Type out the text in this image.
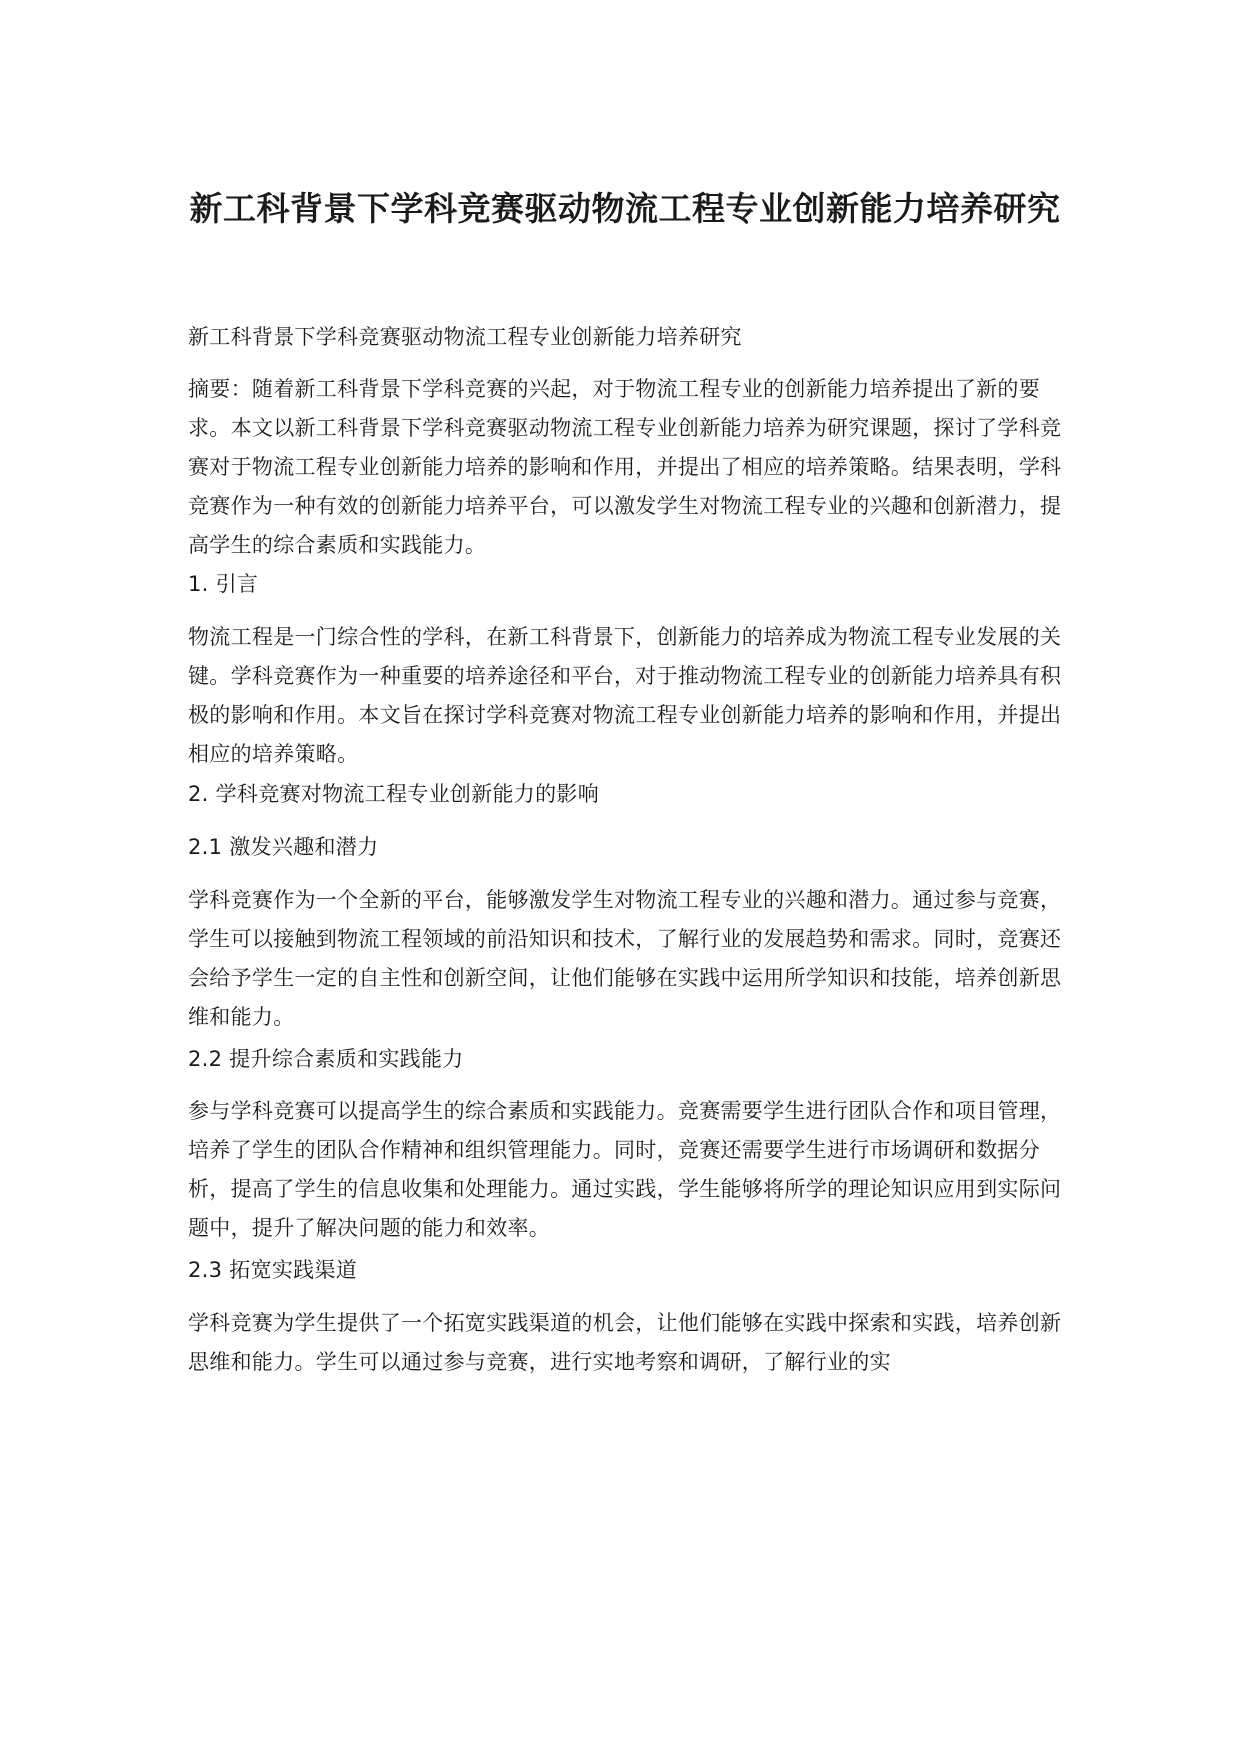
新工科背景下学科竞赛驱动物流工程专业创新能力培养研究

新工科背景下学科竞赛驱动物流工程专业创新能力培养研究

摘要：随着新工科背景下学科竞赛的兴起，对于物流工程专业的创新能力培养提出了新的要求。本文以新工科背景下学科竞赛驱动物流工程专业创新能力培养为研究课题，探讨了学科竞赛对于物流工程专业创新能力培养的影响和作用，并提出了相应的培养策略。结果表明，学科竞赛作为一种有效的创新能力培养平台，可以激发学生对物流工程专业的兴趣和创新潜力，提高学生的综合素质和实践能力。

1. 引言

物流工程是一门综合性的学科，在新工科背景下，创新能力的培养成为物流工程专业发展的关键。学科竞赛作为一种重要的培养途径和平台，对于推动物流工程专业的创新能力培养具有积极的影响和作用。本文旨在探讨学科竞赛对物流工程专业创新能力培养的影响和作用，并提出相应的培养策略。

2. 学科竞赛对物流工程专业创新能力的影响

2.1 激发兴趣和潜力

学科竞赛作为一个全新的平台，能够激发学生对物流工程专业的兴趣和潜力。通过参与竞赛，学生可以接触到物流工程领域的前沿知识和技术，了解行业的发展趋势和需求。同时，竞赛还会给予学生一定的自主性和创新空间，让他们能够在实践中运用所学知识和技能，培养创新思维和能力。

2.2 提升综合素质和实践能力

参与学科竞赛可以提高学生的综合素质和实践能力。竞赛需要学生进行团队合作和项目管理，培养了学生的团队合作精神和组织管理能力。同时，竞赛还需要学生进行市场调研和数据分析，提高了学生的信息收集和处理能力。通过实践，学生能够将所学的理论知识应用到实际问题中，提升了解决问题的能力和效率。

2.3 拓宽实践渠道

学科竞赛为学生提供了一个拓宽实践渠道的机会，让他们能够在实践中探索和实践，培养创新思维和能力。学生可以通过参与竞赛，进行实地考察和调研，了解行业的实
